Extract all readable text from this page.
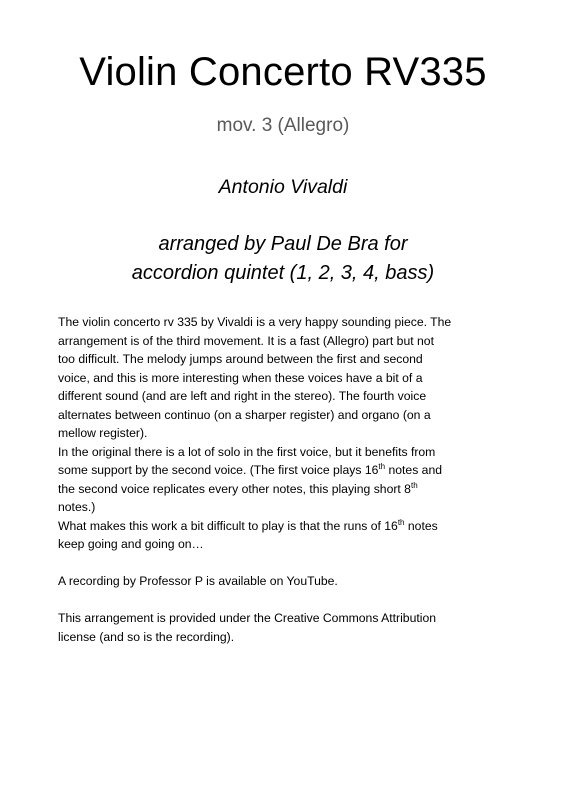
Violin Concerto RV335
mov. 3 (Allegro)
Antonio Vivaldi
arranged by Paul De Bra for
accordion quintet (1, 2, 3, 4, bass)
The violin concerto rv 335 by Vivaldi is a very happy sounding piece. The
arrangement is of the third movement. It is a fast (Allegro) part but not
too difficult. The melody jumps around between the first and second
voice, and this is more interesting when these voices have a bit of a
different sound (and are left and right in the stereo). The fourth voice
alternates between continuo (on a sharper register) and organo (on a
mellow register).
In the original there is a lot of solo in the first voice, but it benefits from
some support by the second voice. (The first voice plays 16th notes and
the second voice replicates every other notes, this playing short 8th
notes.)
What makes this work a bit difficult to play is that the runs of 16th notes
keep going and going on…
A recording by Professor P is available on YouTube.
This arrangement is provided under the Creative Commons Attribution
license (and so is the recording).
